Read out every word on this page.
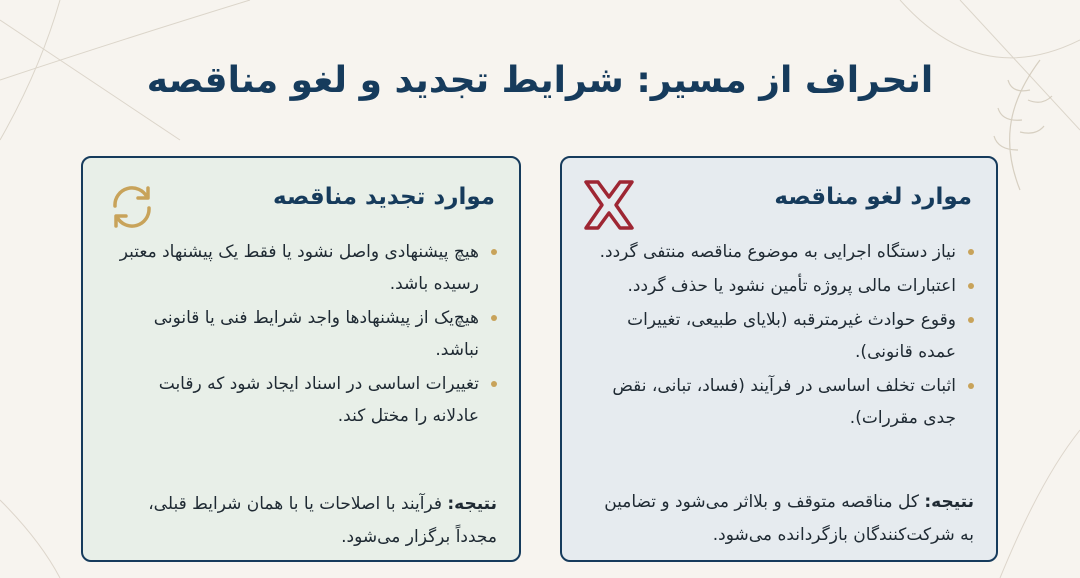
انحراف از مسیر: شرایط تجدید و لغو مناقصه
موارد تجدید مناقصه
هیچ پیشنهادی واصل نشود یا فقط یک پیشنهاد معتبر رسیده باشد.
هیچ‌یک از پیشنهادها واجد شرایط فنی یا قانونی نباشد.
تغییرات اساسی در اسناد ایجاد شود که رقابت عادلانه را مختل کند.
نتیجه: فرآیند با اصلاحات یا با همان شرایط قبلی، مجدداً برگزار می‌شود.
موارد لغو مناقصه
نیاز دستگاه اجرایی به موضوع مناقصه منتفی گردد.
اعتبارات مالی پروژه تأمین نشود یا حذف گردد.
وقوع حوادث غیرمترقبه (بلایای طبیعی، تغییرات عمده قانونی).
اثبات تخلف اساسی در فرآیند (فساد، تبانی، نقض جدی مقررات).
نتیجه: کل مناقصه متوقف و بلااثر می‌شود و تضامین به شرکت‌کنندگان بازگردانده می‌شود.
